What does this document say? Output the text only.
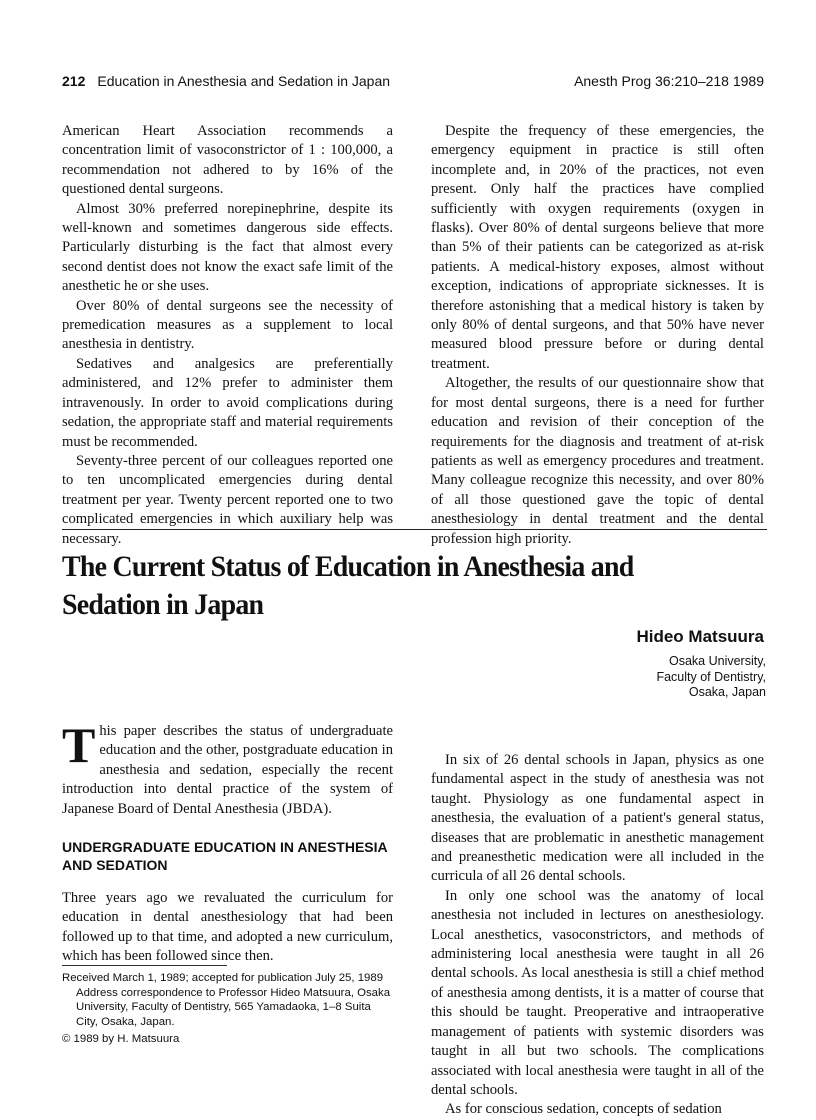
212 Education in Anesthesia and Sedation in Japan	Anesth Prog 36:210–218 1989

American Heart Association recommends a concentration limit of vasoconstrictor of 1 : 100,000, a recommendation not adhered to by 16% of the questioned dental surgeons.

Almost 30% preferred norepinephrine, despite its well-known and sometimes dangerous side effects. Particularly disturbing is the fact that almost every second dentist does not know the exact safe limit of the anesthetic he or she uses.

Over 80% of dental surgeons see the necessity of premedication measures as a supplement to local anesthesia in dentistry.

Sedatives and analgesics are preferentially administered, and 12% prefer to administer them intravenously. In order to avoid complications during sedation, the appropriate staff and material requirements must be recommended.

Seventy-three percent of our colleagues reported one to ten uncomplicated emergencies during dental treatment per year. Twenty percent reported one to two complicated emergencies in which auxiliary help was necessary.

Despite the frequency of these emergencies, the emergency equipment in practice is still often incomplete and, in 20% of the practices, not even present. Only half the practices have complied sufficiently with oxygen requirements (oxygen in flasks). Over 80% of dental surgeons believe that more than 5% of their patients can be categorized as at-risk patients. A medical-history exposes, almost without exception, indications of appropriate sicknesses. It is therefore astonishing that a medical history is taken by only 80% of dental surgeons, and that 50% have never measured blood pressure before or during dental treatment.

Altogether, the results of our questionnaire show that for most dental surgeons, there is a need for further education and revision of their conception of the requirements for the diagnosis and treatment of at-risk patients as well as emergency procedures and treatment. Many colleague recognize this necessity, and over 80% of all those questioned gave the topic of dental anesthesiology in dental treatment and the dental profession high priority.

The Current Status of Education in Anesthesia and Sedation in Japan
Hideo Matsuura
Osaka University,
Faculty of Dentistry,
Osaka, Japan

This paper describes the status of undergraduate education and the other, postgraduate education in anesthesia and sedation, especially the recent introduction into dental practice of the system of Japanese Board of Dental Anesthesia (JBDA).

UNDERGRADUATE EDUCATION IN ANESTHESIA AND SEDATION

Three years ago we revaluated the curriculum for education in dental anesthesiology that had been followed up to that time, and adopted a new curriculum, which has been followed since then.

Received March 1, 1989; accepted for publication July 25, 1989
Address correspondence to Professor Hideo Matsuura, Osaka University, Faculty of Dentistry, 565 Yamadaoka, 1–8 Suita City, Osaka, Japan.
© 1989 by H. Matsuura

In six of 26 dental schools in Japan, physics as one fundamental aspect in the study of anesthesia was not taught. Physiology as one fundamental aspect in anesthesia, the evaluation of a patient's general status, diseases that are problematic in anesthetic management and preanesthetic medication were all included in the curricula of all 26 dental schools.

In only one school was the anatomy of local anesthesia not included in lectures on anesthesiology. Local anesthetics, vasoconstrictors, and methods of administering local anesthesia were taught in all 26 dental schools. As local anesthesia is still a chief method of anesthesia among dentists, it is a matter of course that this should be taught. Preoperative and intraoperative management of patients with systemic disorders was taught in all but two schools. The complications associated with local anesthesia were taught in all of the dental schools.

As for conscious sedation, concepts of sedation
